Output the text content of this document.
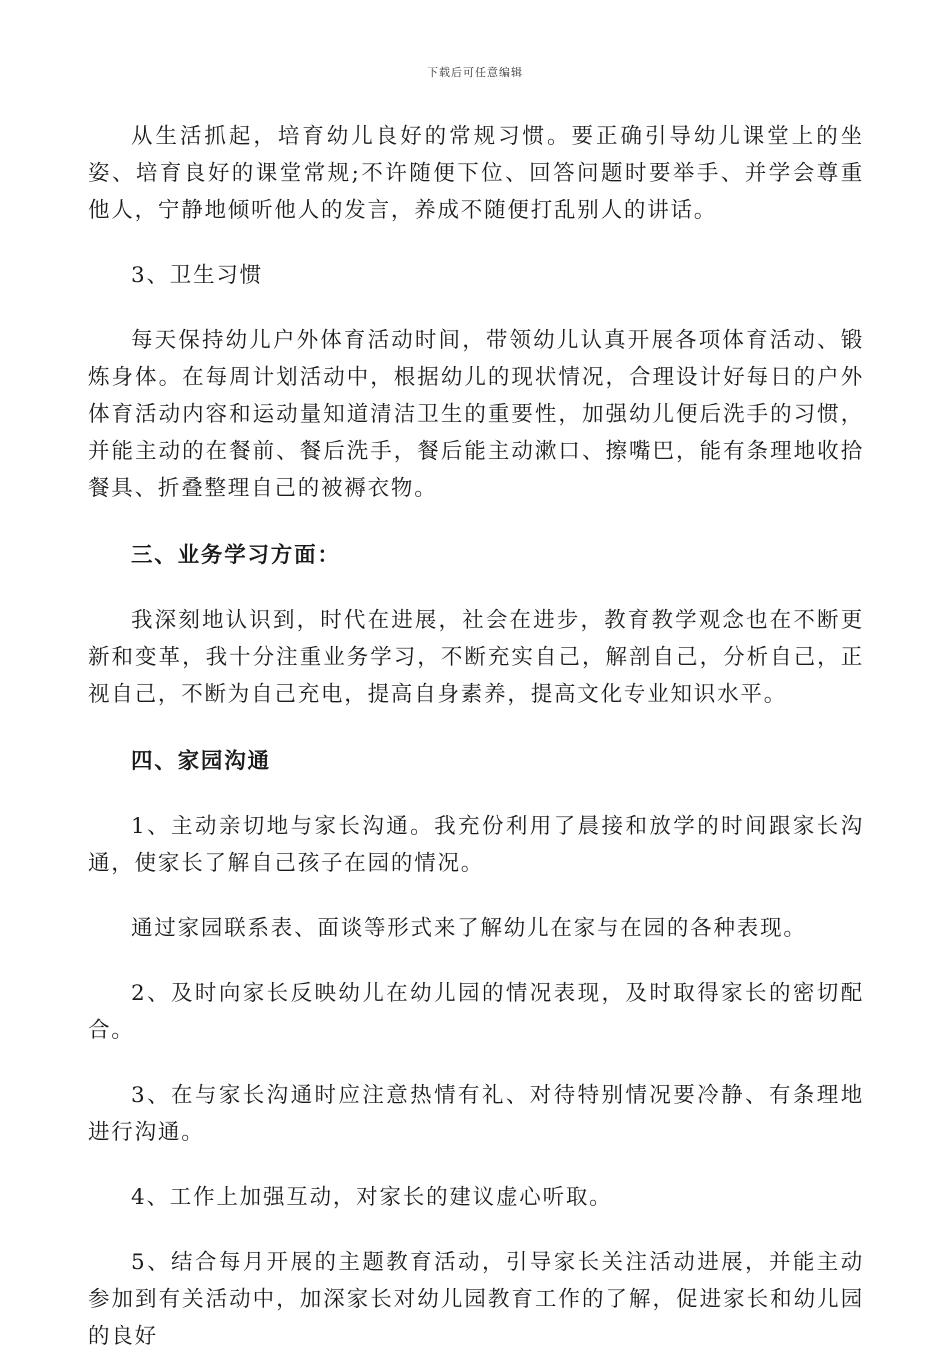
下载后可任意编辑

从生活抓起，培育幼儿良好的常规习惯。要正确引导幼儿课堂上的坐姿、培育良好的课堂常规;不许随便下位、回答问题时要举手、并学会尊重他人，宁静地倾听他人的发言，养成不随便打乱别人的讲话。

3、卫生习惯

每天保持幼儿户外体育活动时间，带领幼儿认真开展各项体育活动、锻炼身体。在每周计划活动中，根据幼儿的现状情况，合理设计好每日的户外体育活动内容和运动量知道清洁卫生的重要性，加强幼儿便后洗手的习惯，并能主动的在餐前、餐后洗手，餐后能主动漱口、擦嘴巴，能有条理地收拾餐具、折叠整理自己的被褥衣物。

三、业务学习方面：

我深刻地认识到，时代在进展，社会在进步，教育教学观念也在不断更新和变革，我十分注重业务学习，不断充实自己，解剖自己，分析自己，正视自己，不断为自己充电，提高自身素养，提高文化专业知识水平。

四、家园沟通

1、主动亲切地与家长沟通。我充份利用了晨接和放学的时间跟家长沟通，使家长了解自己孩子在园的情况。

通过家园联系表、面谈等形式来了解幼儿在家与在园的各种表现。

2、及时向家长反映幼儿在幼儿园的情况表现，及时取得家长的密切配合。

3、在与家长沟通时应注意热情有礼、对待特别情况要冷静、有条理地进行沟通。

4、工作上加强互动，对家长的建议虚心听取。

5、结合每月开展的主题教育活动，引导家长关注活动进展，并能主动参加到有关活动中，加深家长对幼儿园教育工作的了解，促进家长和幼儿园的良好
